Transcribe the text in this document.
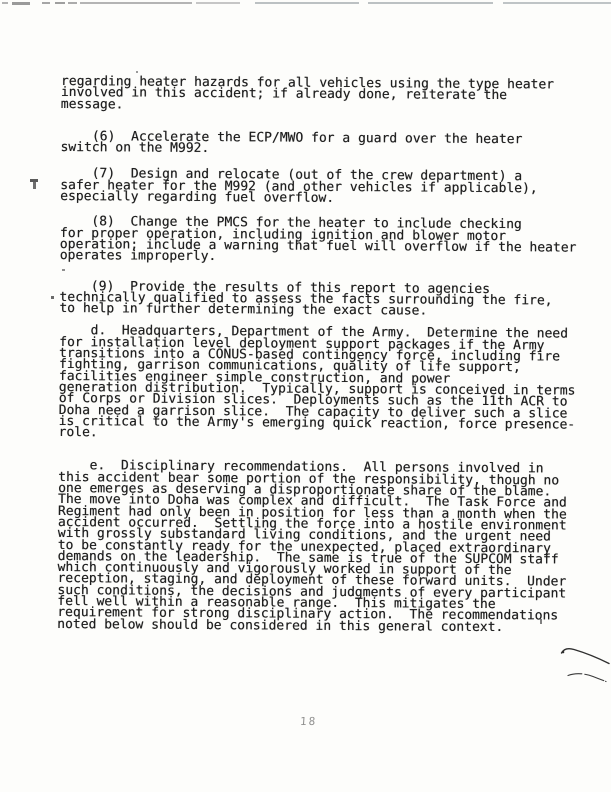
regarding heater hazards for all vehicles using the type heater
involved in this accident; if already done, reiterate the
message.
(6)  Accelerate the ECP/MWO for a guard over the heater
switch on the M992.
(7)  Design and relocate (out of the crew department) a
safer heater for the M992 (and other vehicles if applicable),
especially regarding fuel overflow.
(8)  Change the PMCS for the heater to include checking
for proper operation, including ignition and blower motor
operation; include a warning that fuel will overflow if the heater
operates improperly.
(9)  Provide the results of this report to agencies
technically qualified to assess the facts surrounding the fire,
to help in further determining the exact cause.
d.  Headquarters, Department of the Army.  Determine the need
for installation level deployment support packages if the Army
transitions into a CONUS-based contingency force, including fire
fighting, garrison communications, quality of life support,
facilities engineer simple construction, and power
generation distribution.  Typically, support is conceived in terms
of Corps or Division slices.  Deployments such as the 11th ACR to
Doha need a garrison slice.  The capacity to deliver such a slice
is critical to the Army's emerging quick reaction, force presence-
role.
e.  Disciplinary recommendations.  All persons involved in
this accident bear some portion of the responsibility, though no
one emerges as deserving a disproportionate share of the blame.
The move into Doha was complex and difficult.  The Task Force and
Regiment had only been in position for less than a month when the
accident occurred.  Settling the force into a hostile environment
with grossly substandard living conditions, and the urgent need
to be constantly ready for the unexpected, placed extraordinary
demands on the leadership.  The same is true of the SUPCOM staff
which continuously and vigorously worked in support of the
reception, staging, and deployment of these forward units.  Under
such conditions, the decisions and judgments of every participant
fell well within a reasonable range.  This mitigates the
requirement for strong disciplinary action.  The recommendations
noted below should be considered in this general context.
18
